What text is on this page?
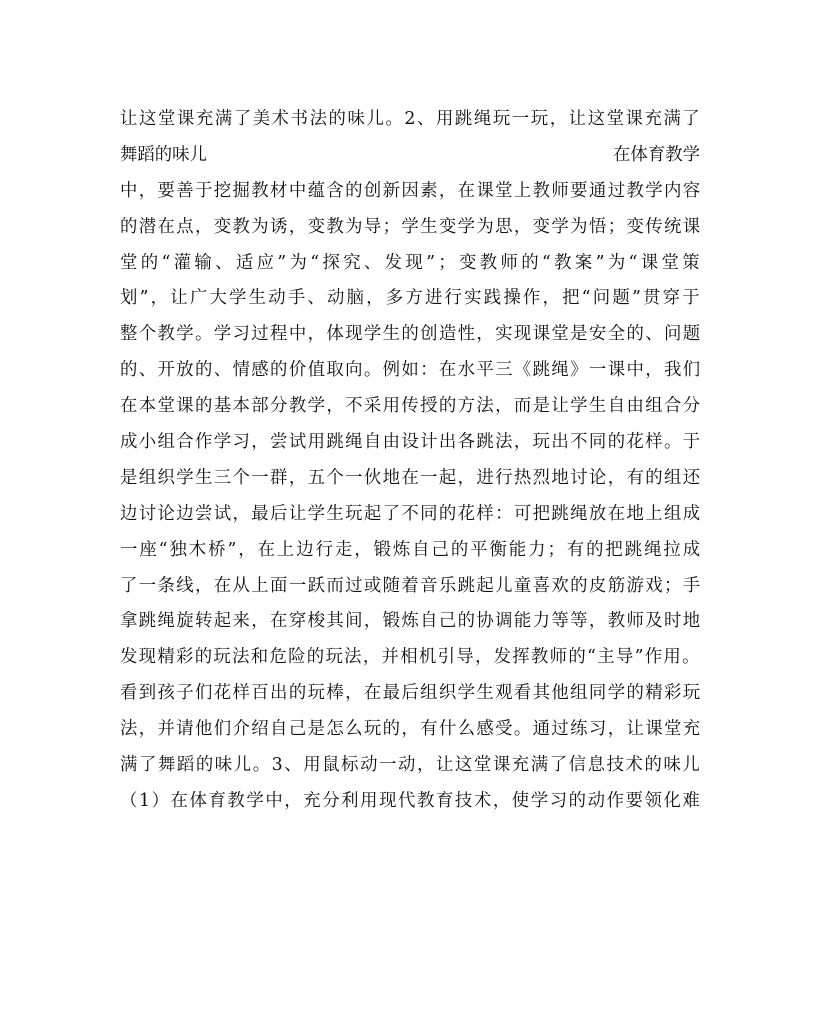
让这堂课充满了美术书法的味儿。2、用跳绳玩一玩，让这堂课充满了
舞蹈的味儿	在体育教学
中，要善于挖掘教材中蕴含的创新因素，在课堂上教师要通过教学内容
的潜在点，变教为诱，变教为导；学生变学为思，变学为悟；变传统课
堂的“灌输、适应”为“探究、发现”；变教师的“教案”为“课堂策
划”，让广大学生动手、动脑，多方进行实践操作，把“问题”贯穿于
整个教学。学习过程中，体现学生的创造性，实现课堂是安全的、问题
的、开放的、情感的价值取向。例如：在水平三《跳绳》一课中，我们
在本堂课的基本部分教学，不采用传授的方法，而是让学生自由组合分
成小组合作学习，尝试用跳绳自由设计出各跳法，玩出不同的花样。于
是组织学生三个一群，五个一伙地在一起，进行热烈地讨论，有的组还
边讨论边尝试，最后让学生玩起了不同的花样：可把跳绳放在地上组成
一座“独木桥”，在上边行走，锻炼自己的平衡能力；有的把跳绳拉成
了一条线，在从上面一跃而过或随着音乐跳起儿童喜欢的皮筋游戏；手
拿跳绳旋转起来，在穿梭其间，锻炼自己的协调能力等等，教师及时地
发现精彩的玩法和危险的玩法，并相机引导，发挥教师的“主导”作用。
看到孩子们花样百出的玩棒，在最后组织学生观看其他组同学的精彩玩
法，并请他们介绍自己是怎么玩的，有什么感受。通过练习，让课堂充
满了舞蹈的味儿。3、用鼠标动一动，让这堂课充满了信息技术的味儿
（1）在体育教学中，充分利用现代教育技术，使学习的动作要领化难
